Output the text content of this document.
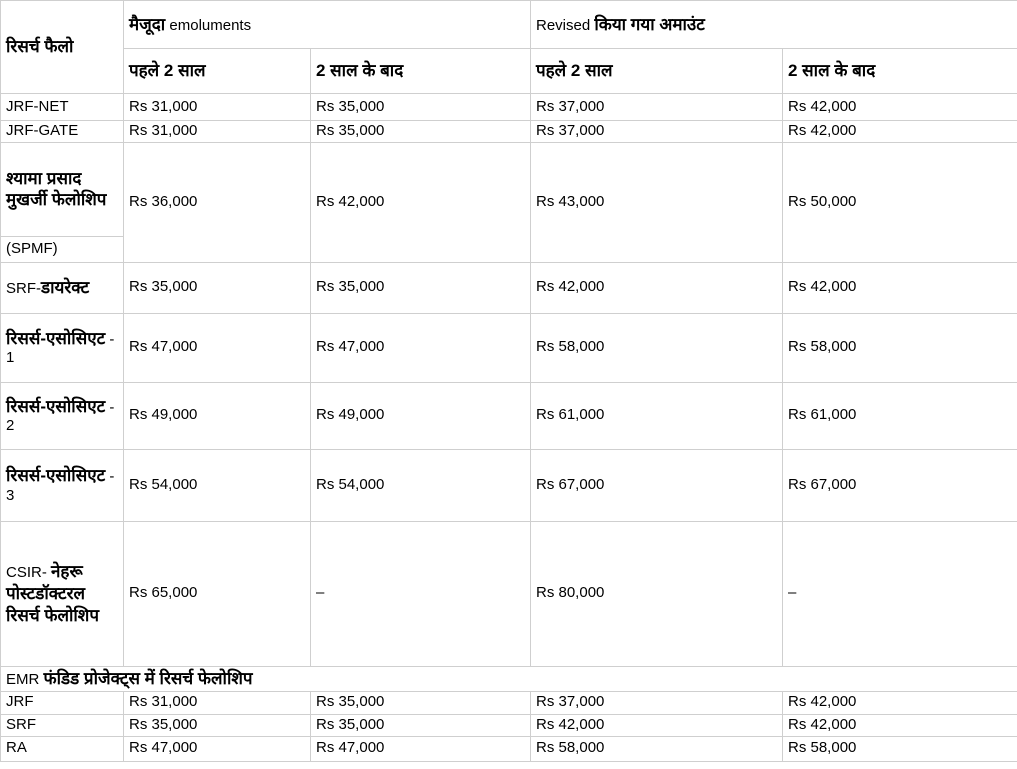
रिसर्च फैलो	मैजूदा emoluments		Revised किया गया अमाउंट	
	पहले 2 साल	2 साल के बाद	पहले 2 साल	2 साल के बाद
JRF-NET	Rs 31,000	Rs 35,000	Rs 37,000	Rs 42,000
JRF-GATE	Rs 31,000	Rs 35,000	Rs 37,000	Rs 42,000
श्यामा प्रसाद मुखर्जी फेलोशिप	Rs 36,000	Rs 42,000	Rs 43,000	Rs 50,000
(SPMF)				
SRF-डायरेक्ट	Rs 35,000	Rs 35,000	Rs 42,000	Rs 42,000
रिसर्स-एसोसिएट - 1	Rs 47,000	Rs 47,000	Rs 58,000	Rs 58,000
रिसर्स-एसोसिएट - 2	Rs 49,000	Rs 49,000	Rs 61,000	Rs 61,000
रिसर्स-एसोसिएट - 3	Rs 54,000	Rs 54,000	Rs 67,000	Rs 67,000
CSIR- नेहरू पोस्टडॉक्टरल रिसर्च फेलोशिप	Rs 65,000	–	Rs 80,000	–
EMR फंडिड प्रोजेक्ट्स में रिसर्च फेलोशिप				
JRF	Rs 31,000	Rs 35,000	Rs 37,000	Rs 42,000
SRF	Rs 35,000	Rs 35,000	Rs 42,000	Rs 42,000
RA	Rs 47,000	Rs 47,000	Rs 58,000	Rs 58,000
